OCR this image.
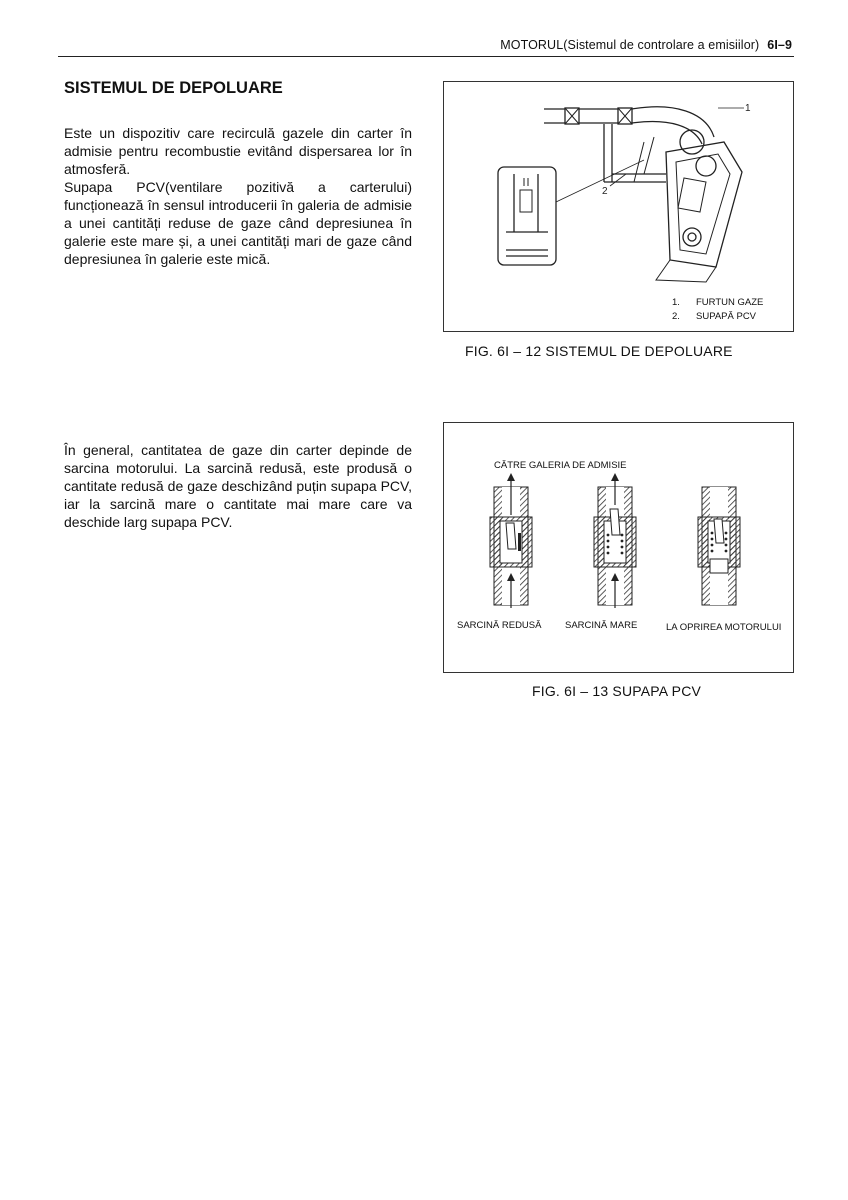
MOTORUL(Sistemul de controlare a emisiilor) 6I–9
SISTEMUL DE DEPOLUARE

Este un dispozitiv care recirculă gazele din carter în admisie pentru recombustie evitând dispersarea lor în atmosferă.

Supapa PCV(ventilare pozitivă a carterului) funcționează în sensul introducerii în galeria de admisie a unei cantități reduse de gaze când depresiunea în galerie este mare și, a unei cantități mari de gaze când depresiunea în galerie este mică.

1
2
1. FURTUN GAZE
2. SUPAPĂ PCV
FIG. 6I – 12 SISTEMUL DE DEPOLUARE

În general, cantitatea de gaze din carter depinde de sarcina motorului. La sarcină redusă, este produsă o cantitate redusă de gaze deschizând puțin supapa PCV, iar la sarcină mare o cantitate mai mare care va deschide larg supapa PCV.

CĂTRE GALERIA DE ADMISIE
SARCINĂ REDUSĂ SARCINĂ MARE	LA OPRIREA MOTORULUI
FIG. 6I – 13 SUPAPA PCV
